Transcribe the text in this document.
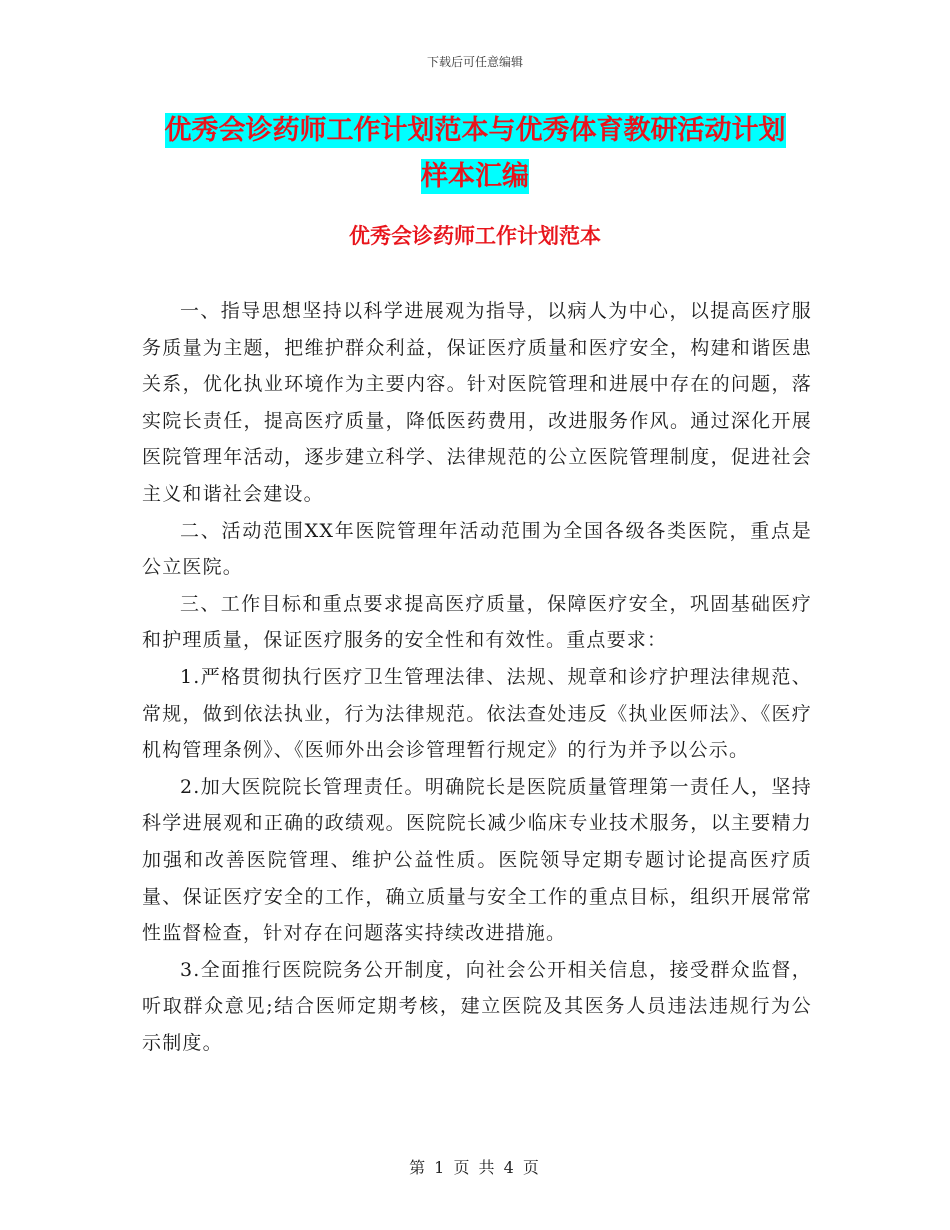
下载后可任意编辑
优秀会诊药师工作计划范本与优秀体育教研活动计划
样本汇编
优秀会诊药师工作计划范本

一、指导思想坚持以科学进展观为指导，以病人为中心，以提高医疗服务质量为主题，把维护群众利益，保证医疗质量和医疗安全，构建和谐医患关系，优化执业环境作为主要内容。针对医院管理和进展中存在的问题，落实院长责任，提高医疗质量，降低医药费用，改进服务作风。通过深化开展医院管理年活动，逐步建立科学、法律规范的公立医院管理制度，促进社会主义和谐社会建设。

二、活动范围XX年医院管理年活动范围为全国各级各类医院，重点是公立医院。

三、工作目标和重点要求提高医疗质量，保障医疗安全，巩固基础医疗和护理质量，保证医疗服务的安全性和有效性。重点要求：

1.严格贯彻执行医疗卫生管理法律、法规、规章和诊疗护理法律规范、常规，做到依法执业，行为法律规范。依法查处违反《执业医师法》、《医疗机构管理条例》、《医师外出会诊管理暂行规定》的行为并予以公示。

2.加大医院院长管理责任。明确院长是医院质量管理第一责任人，坚持科学进展观和正确的政绩观。医院院长减少临床专业技术服务，以主要精力加强和改善医院管理、维护公益性质。医院领导定期专题讨论提高医疗质量、保证医疗安全的工作，确立质量与安全工作的重点目标，组织开展常常性监督检查，针对存在问题落实持续改进措施。

3.全面推行医院院务公开制度，向社会公开相关信息，接受群众监督，听取群众意见;结合医师定期考核，建立医院及其医务人员违法违规行为公示制度。

第 1 页 共 4 页
